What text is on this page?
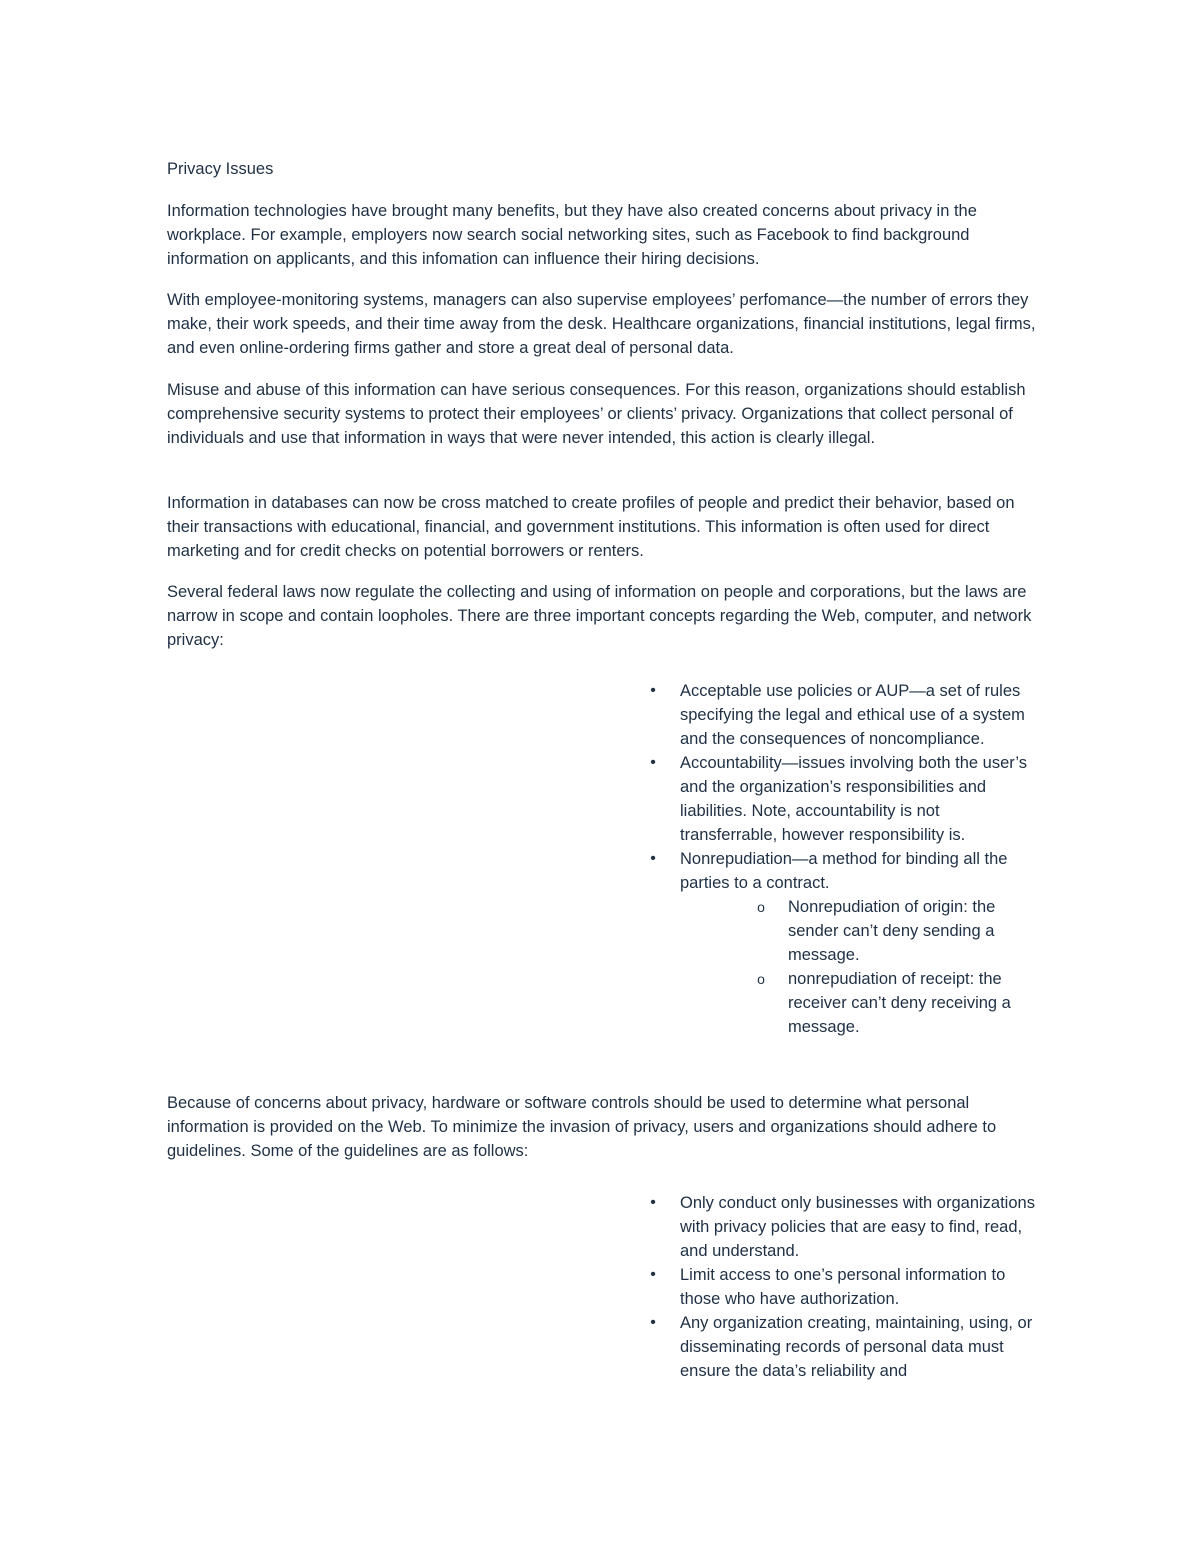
Privacy Issues

Information technologies have brought many benefits, but they have also created concerns about privacy in the workplace. For example, employers now search social networking sites, such as Facebook to find background information on applicants, and this infomation can influence their hiring decisions.

With employee-monitoring systems, managers can also supervise employees’ perfomance—the number of errors they make, their work speeds, and their time away from the desk. Healthcare organizations, financial institutions, legal firms, and even online-ordering firms gather and store a great deal of personal data.

Misuse and abuse of this information can have serious consequences. For this reason, organizations should establish comprehensive security systems to protect their employees’ or clients’ privacy. Organizations that collect personal of individuals and use that information in ways that were never intended, this action is clearly illegal.

Information in databases can now be cross matched to create profiles of people and predict their behavior, based on their transactions with educational, financial, and government institutions. This information is often used for direct marketing and for credit checks on potential borrowers or renters.

Several federal laws now regulate the collecting and using of information on people and corporations, but the laws are narrow in scope and contain loopholes. There are three important concepts regarding the Web, computer, and network privacy:

• Acceptable use policies or AUP—a set of rules specifying the legal and ethical use of a system and the consequences of noncompliance.
• Accountability—issues involving both the user’s and the organization’s responsibilities and liabilities. Note, accountability is not transferrable, however responsibility is.
• Nonrepudiation—a method for binding all the parties to a contract.
o Nonrepudiation of origin: the sender can’t deny sending a message.
o nonrepudiation of receipt: the receiver can’t deny receiving a message.

Because of concerns about privacy, hardware or software controls should be used to determine what personal information is provided on the Web. To minimize the invasion of privacy, users and organizations should adhere to guidelines. Some of the guidelines are as follows:

• Only conduct only businesses with organizations with privacy policies that are easy to find, read, and understand.
• Limit access to one’s personal information to those who have authorization.
• Any organization creating, maintaining, using, or disseminating records of personal data must ensure the data’s reliability and
